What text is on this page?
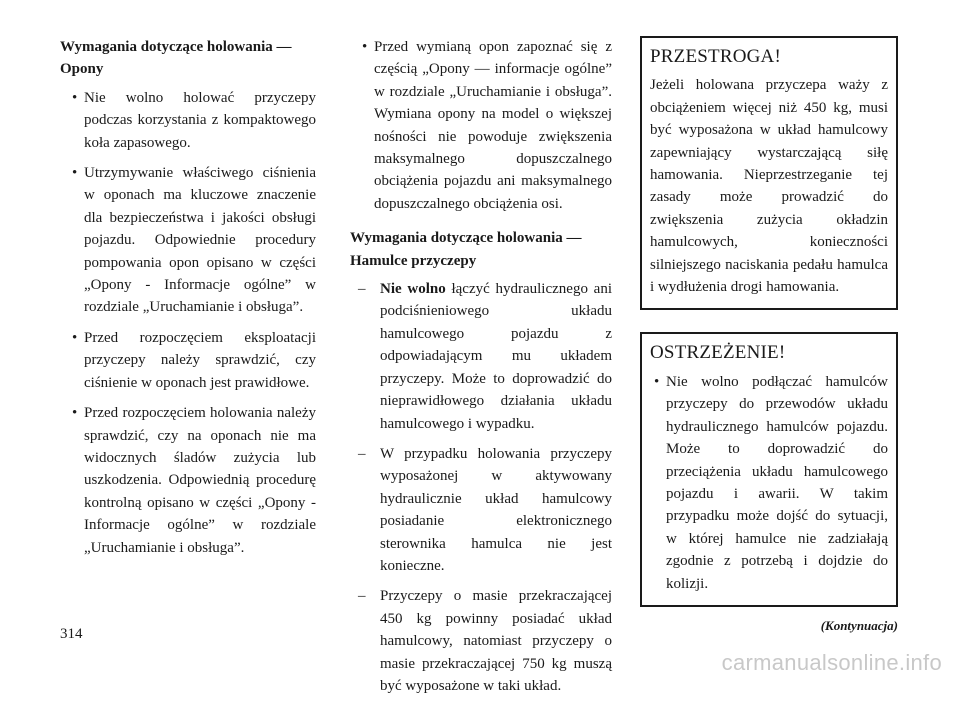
Wymagania dotyczące holowania — Opony
• Nie wolno holować przyczepy podczas korzystania z kompaktowego koła zapasowego.
• Utrzymywanie właściwego ciśnienia w oponach ma kluczowe znaczenie dla bezpieczeństwa i jakości obsługi pojazdu. Odpowiednie procedury pompowania opon opisano w części „Opony - Informacje ogólne” w rozdziale „Uruchamianie i obsługa”.
• Przed rozpoczęciem eksploatacji przyczepy należy sprawdzić, czy ciśnienie w oponach jest prawidłowe.
• Przed rozpoczęciem holowania należy sprawdzić, czy na oponach nie ma widocznych śladów zużycia lub uszkodzenia. Odpowiednią procedurę kontrolną opisano w części „Opony - Informacje ogólne” w rozdziale „Uruchamianie i obsługa”.
• Przed wymianą opon zapoznać się z częścią „Opony — informacje ogólne” w rozdziale „Uruchamianie i obsługa”. Wymiana opony na model o większej nośności nie powoduje zwiększenia maksymalnego dopuszczalnego obciążenia pojazdu ani maksymalnego dopuszczalnego obciążenia osi.
Wymagania dotyczące holowania — Hamulce przyczepy
– Nie wolno łączyć hydraulicznego ani podciśnieniowego układu hamulcowego pojazdu z odpowiadającym mu układem przyczepy. Może to doprowadzić do nieprawidłowego działania układu hamulcowego i wypadku.
– W przypadku holowania przyczepy wyposażonej w aktywowany hydraulicznie układ hamulcowy posiadanie elektronicznego sterownika hamulca nie jest konieczne.
– Przyczepy o masie przekraczającej 450 kg powinny posiadać układ hamulcowy, natomiast przyczepy o masie przekraczającej 750 kg muszą być wyposażone w taki układ.
PRZESTROGA!

Jeżeli holowana przyczepa waży z obciążeniem więcej niż 450 kg, musi być wyposażona w układ hamulcowy zapewniający wystarczającą siłę hamowania. Nieprzestrzeganie tej zasady może prowadzić do zwiększenia zużycia okładzin hamulcowych, konieczności silniejszego naciskania pedału hamulca i wydłużenia drogi hamowania.

OSTRZEŻENIE!
• Nie wolno podłączać hamulców przyczepy do przewodów układu hydraulicznego hamulców pojazdu. Może to doprowadzić do przeciążenia układu hamulcowego pojazdu i awarii. W takim przypadku może dojść do sytuacji, w której hamulce nie zadziałają zgodnie z potrzebą i dojdzie do kolizji.
(Kontynuacja)
314
carmanualsonline.info
